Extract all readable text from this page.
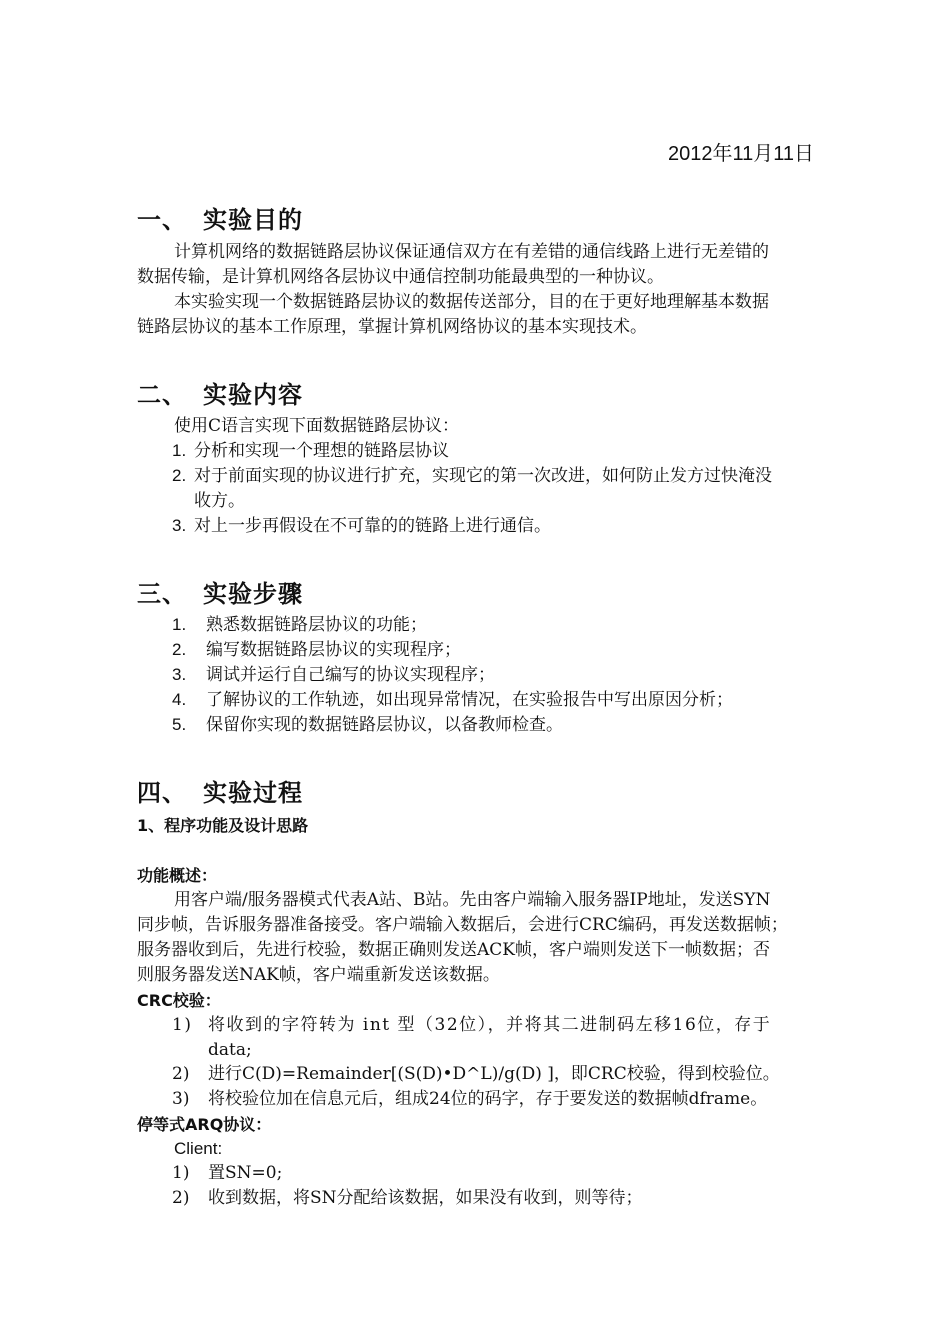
2012年11月11日
一、 实验目的
计算机网络的数据链路层协议保证通信双方在有差错的通信线路上进行无差错的
数据传输，是计算机网络各层协议中通信控制功能最典型的一种协议。
本实验实现一个数据链路层协议的数据传送部分，目的在于更好地理解基本数据
链路层协议的基本工作原理，掌握计算机网络协议的基本实现技术。
二、 实验内容
使用C语言实现下面数据链路层协议：
1. 分析和实现一个理想的链路层协议
2. 对于前面实现的协议进行扩充，实现它的第一次改进，如何防止发方过快淹没
收方。
3. 对上一步再假设在不可靠的的链路上进行通信。
三、 实验步骤
1. 熟悉数据链路层协议的功能；
2. 编写数据链路层协议的实现程序；
3. 调试并运行自己编写的协议实现程序；
4. 了解协议的工作轨迹，如出现异常情况，在实验报告中写出原因分析；
5. 保留你实现的数据链路层协议，以备教师检查。
四、 实验过程
1、程序功能及设计思路
功能概述：
用客户端/服务器模式代表A站、B站。先由客户端输入服务器IP地址，发送SYN
同步帧，告诉服务器准备接受。客户端输入数据后，会进行CRC编码，再发送数据帧；
服务器收到后，先进行校验，数据正确则发送ACK帧，客户端则发送下一帧数据；否
则服务器发送NAK帧，客户端重新发送该数据。
CRC校验：
1) 将收到的字符转为 int 型（32位），并将其二进制码左移16位，存于
data;
2) 进行C(D)=Remainder[(S(D)•D^L)/g(D) ]，即CRC校验，得到校验位。
3) 将校验位加在信息元后，组成24位的码字，存于要发送的数据帧dframe。
停等式ARQ协议：
Client:
1) 置SN=0;
2) 收到数据，将SN分配给该数据，如果没有收到，则等待；
